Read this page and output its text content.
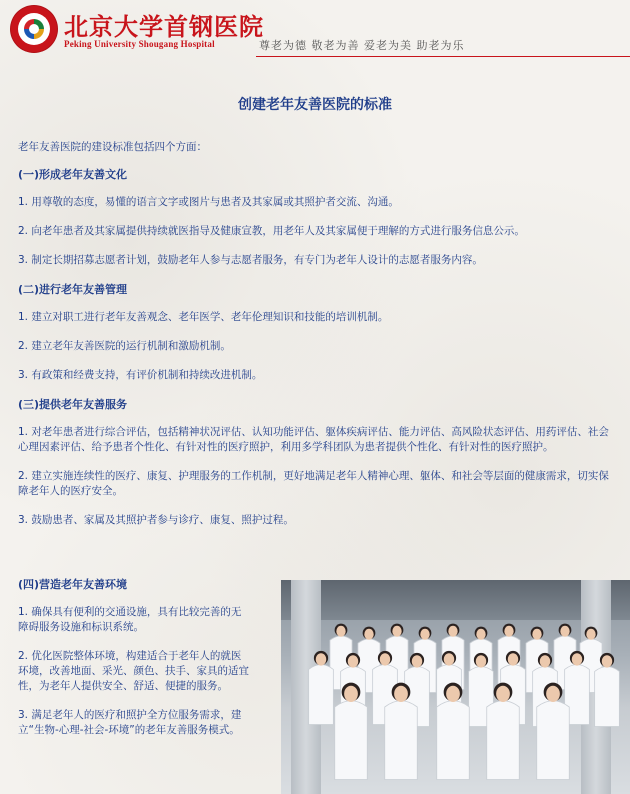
北京大学首钢医院
Peking University Shougang Hospital	尊老为德 敬老为善 爱老为美 助老为乐
创建老年友善医院的标准
老年友善医院的建设标准包括四个方面：
(一)形成老年友善文化
1. 用尊敬的态度，易懂的语言文字或图片与患者及其家属或其照护者交流、沟通。
2. 向老年患者及其家属提供持续就医指导及健康宣教，用老年人及其家属便于理解的方式进行服务信息公示。
3. 制定长期招募志愿者计划，鼓励老年人参与志愿者服务，有专门为老年人设计的志愿者服务内容。
(二)进行老年友善管理
1. 建立对职工进行老年友善观念、老年医学、老年伦理知识和技能的培训机制。
2. 建立老年友善医院的运行机制和激励机制。
3. 有政策和经费支持，有评价机制和持续改进机制。
(三)提供老年友善服务
1. 对老年患者进行综合评估，包括精神状况评估、认知功能评估、躯体疾病评估、能力评估、高风险状态评估、用药评估、社会心理因素评估、给予患者个性化、有针对性的医疗照护，利用多学科团队为患者提供个性化、有针对性的医疗照护。
2. 建立实施连续性的医疗、康复、护理服务的工作机制，更好地满足老年人精神心理、躯体、和社会等层面的健康需求，切实保障老年人的医疗安全。
3. 鼓励患者、家属及其照护者参与诊疗、康复、照护过程。
(四)营造老年友善环境
1. 确保具有便利的交通设施，具有比较完善的无障碍服务设施和标识系统。
2. 优化医院整体环境，构建适合于老年人的就医环境，改善地面、采光、颜色、扶手、家具的适宜性，为老年人提供安全、舒适、便捷的服务。
3. 满足老年人的医疗和照护全方位服务需求，建立“生物-心理-社会-环境”的老年友善服务模式。
